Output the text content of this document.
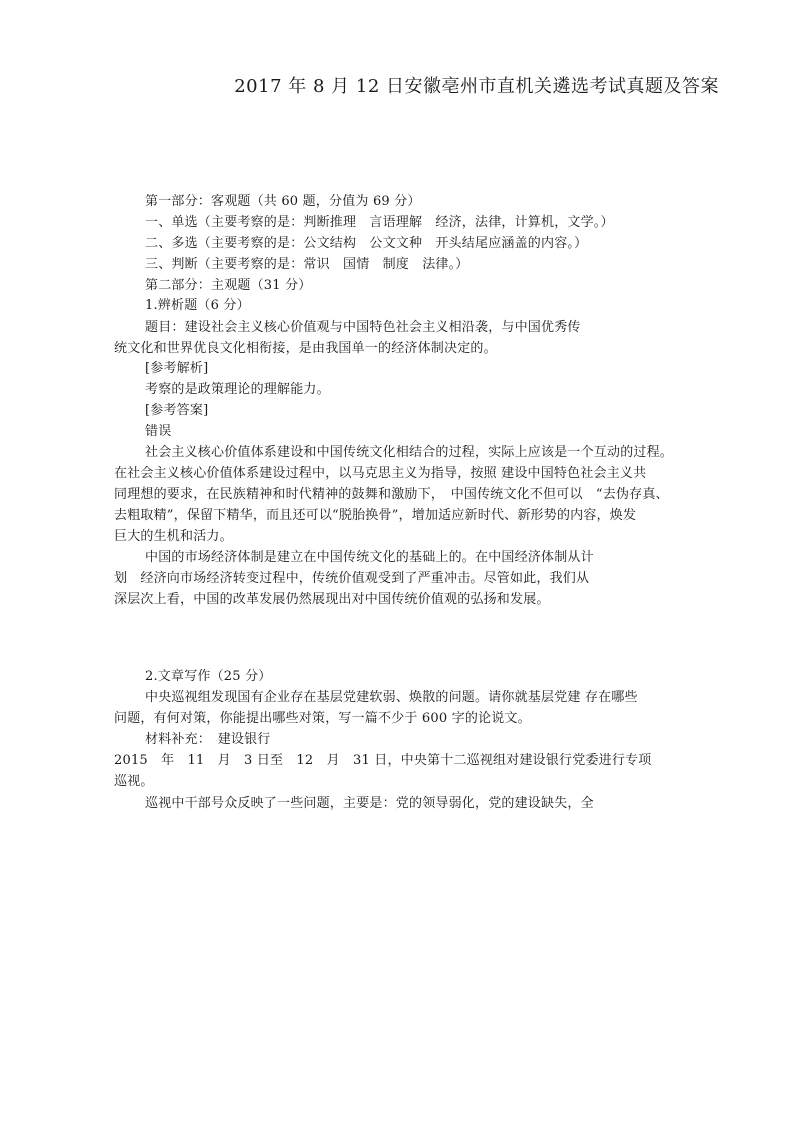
2017 年 8 月 12 日安徽亳州市直机关遴选考试真题及答案
第一部分：客观题（共 60 题，分值为 69 分）
一、单选（主要考察的是：判断推理　言语理解　经济，法律，计算机，文学。）
二、多选（主要考察的是：公文结构　公文文种　开头结尾应涵盖的内容。）
三、判断（主要考察的是：常识　国情　制度　法律。）
第二部分：主观题（31 分）
1.辨析题（6 分）
题目：建设社会主义核心价值观与中国特色社会主义相沿袭，与中国优秀传
统文化和世界优良文化相衔接，是由我国单一的经济体制决定的。
[参考解析]
考察的是政策理论的理解能力。
[参考答案]
错误
社会主义核心价值体系建设和中国传统文化相结合的过程，实际上应该是一个互动的过程。
在社会主义核心价值体系建设过程中，以马克思主义为指导，按照 建设中国特色社会主义共
同理想的要求，在民族精神和时代精神的鼓舞和激励下，　中国传统文化不但可以　“去伪存真、
去粗取精”，保留下精华，而且还可以“脱胎换骨”，增加适应新时代、新形势的内容，焕发
巨大的生机和活力。
中国的市场经济体制是建立在中国传统文化的基础上的。在中国经济体制从计
划　经济向市场经济转变过程中，传统价值观受到了严重冲击。尽管如此，我们从
深层次上看，中国的改革发展仍然展现出对中国传统价值观的弘扬和发展。
2.文章写作（25 分）
中央巡视组发现国有企业存在基层党建软弱、焕散的问题。请你就基层党建 存在哪些
问题，有何对策，你能提出哪些对策，写一篇不少于 600 字的论说文。
材料补充：　建设银行
2015　年　11　月　3 日至　12　月　31 日，中央第十二巡视组对建设银行党委进行专项
巡视。
巡视中干部号众反映了一些问题，主要是：党的领导弱化，党的建设缺失，全
